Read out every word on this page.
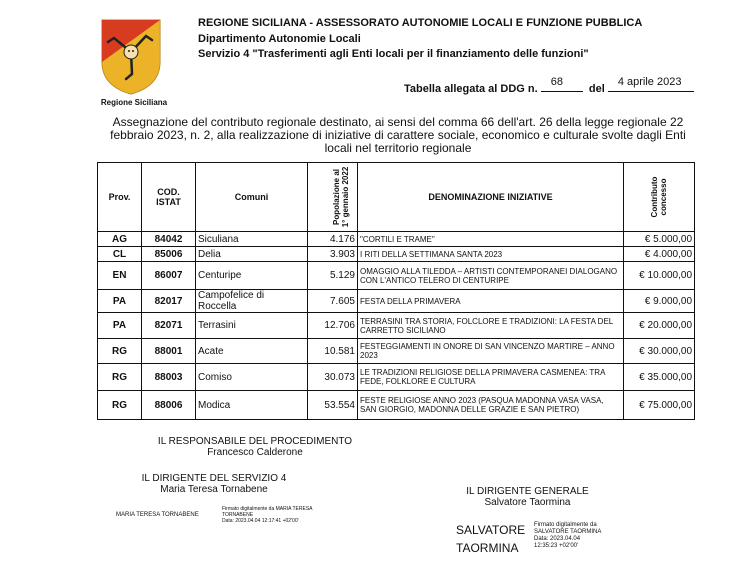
Regione Siciliana
REGIONE SICILIANA - ASSESSORATO AUTONOMIE LOCALI E FUNZIONE PUBBLICA
Dipartimento Autonomie Locali
Servizio 4 "Trasferimenti agli Enti locali per il finanziamento delle funzioni"
Tabella allegata al DDG n.
68
del
4 aprile 2023
Assegnazione del contributo regionale destinato, ai sensi del comma 66 dell'art. 26 della legge regionale 22 febbraio 2023, n. 2, alla realizzazione di iniziative di carattere sociale, economico e culturale svolte dagli Enti locali nel territorio regionale
Prov.	COD. ISTAT	Comuni	Popolazione al 1° gennaio 2022	DENOMINAZIONE INIZIATIVE	Contributo concesso
AG	84042	Siculiana	4.176	"CORTILI E TRAME"	€ 5.000,00
CL	85006	Delia	3.903	I RITI DELLA SETTIMANA SANTA 2023	€ 4.000,00
EN	86007	Centuripe	5.129	OMAGGIO ALLA TILEDDA – ARTISTI CONTEMPORANEI DIALOGANO CON L'ANTICO TELERO DI CENTURIPE	€ 10.000,00
PA	82017	Campofelice di Roccella	7.605	FESTA DELLA PRIMAVERA	€ 9.000,00
PA	82071	Terrasini	12.706	TERRASINI TRA STORIA, FOLCLORE E TRADIZIONI: LA FESTA DEL CARRETTO SICILIANO	€ 20.000,00
RG	88001	Acate	10.581	FESTEGGIAMENTI IN ONORE DI SAN VINCENZO MARTIRE – ANNO 2023	€ 30.000,00
RG	88003	Comiso	30.073	LE TRADIZIONI RELIGIOSE DELLA PRIMAVERA CASMENEA: TRA FEDE, FOLKLORE E CULTURA	€ 35.000,00
RG	88006	Modica	53.554	FESTE RELIGIOSE ANNO 2023 (PASQUA MADONNA VASA VASA, SAN GIORGIO, MADONNA DELLE GRAZIE E SAN PIETRO)	€ 75.000,00
IL RESPONSABILE DEL PROCEDIMENTO
Francesco Calderone
IL DIRIGENTE DEL SERVIZIO 4
Maria Teresa Tornabene
MARIA TERESA TORNABENE
Firmato digitalmente da MARIA TERESA
TORNABENE
Data: 2023.04.04 12:17:41 +02'00'
IL DIRIGENTE GENERALE
Salvatore Taormina
SALVATORE
TAORMINA
Firmato digitalmente da
SALVATORE TAORMINA
Data: 2023.04.04
12:35:23 +02'00'
